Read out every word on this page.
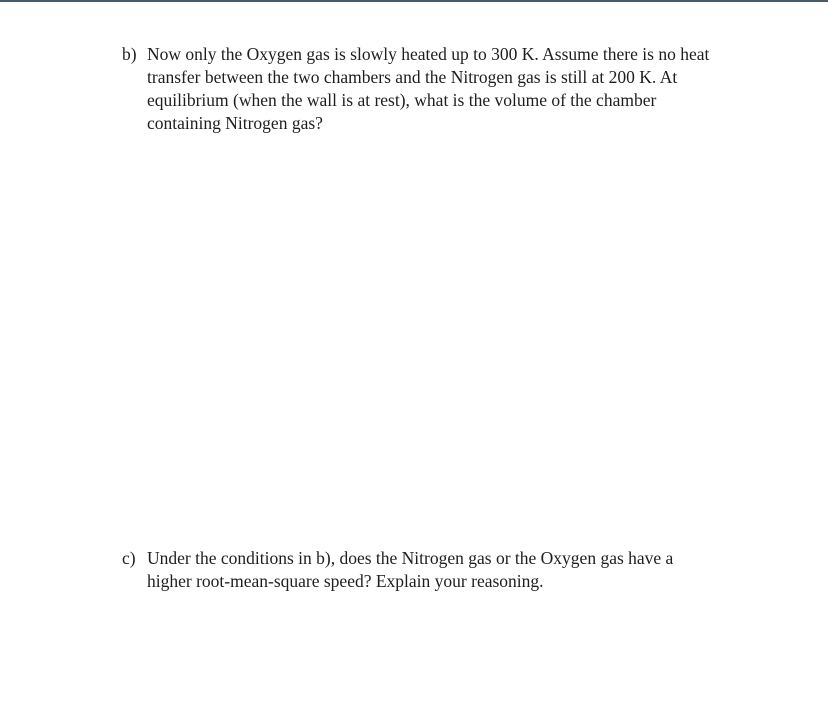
b) Now only the Oxygen gas is slowly heated up to 300 K. Assume there is no heat
transfer between the two chambers and the Nitrogen gas is still at 200 K. At
equilibrium (when the wall is at rest), what is the volume of the chamber
containing Nitrogen gas?
c) Under the conditions in b), does the Nitrogen gas or the Oxygen gas have a
higher root-mean-square speed? Explain your reasoning.
